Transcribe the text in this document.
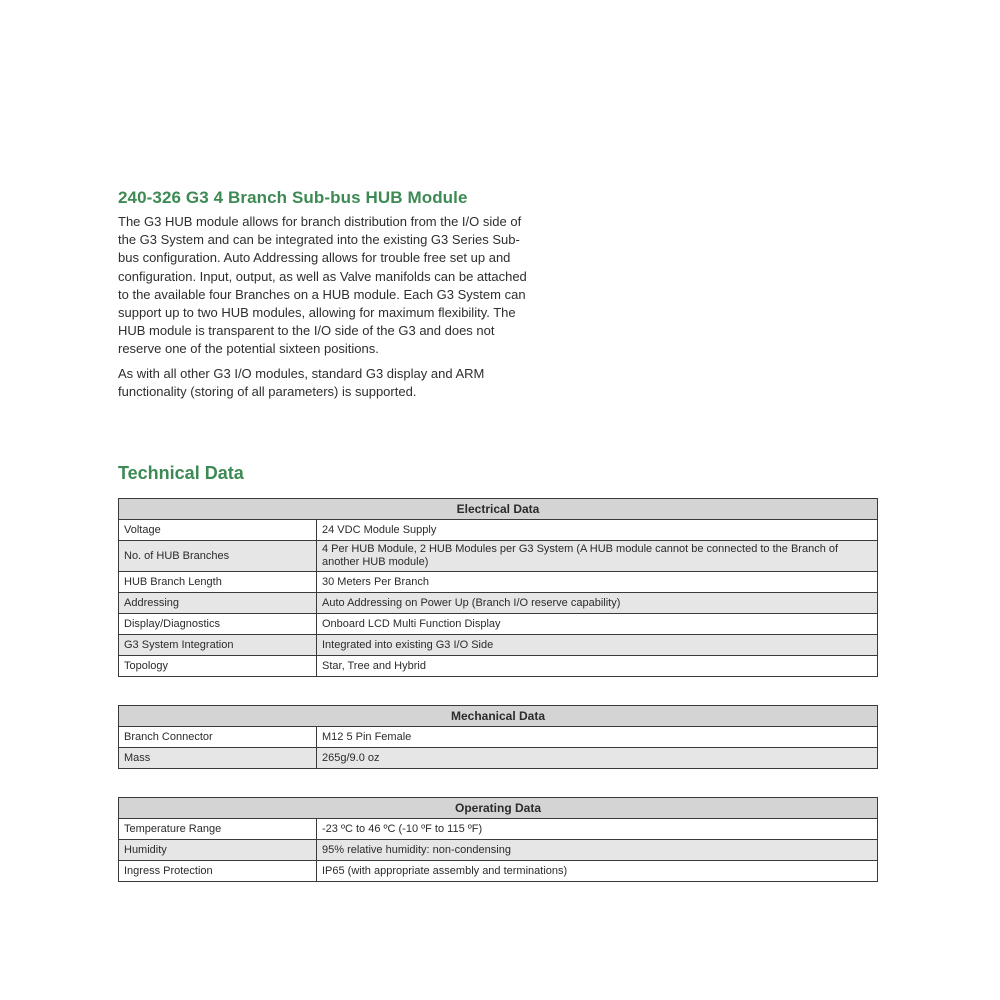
240-326 G3 4 Branch Sub-bus HUB Module

The G3 HUB module allows for branch distribution from the I/O side of the G3 System and can be integrated into the existing G3 Series Sub-bus configuration. Auto Addressing allows for trouble free set up and configuration. Input, output, as well as Valve manifolds can be attached to the available four Branches on a HUB module. Each G3 System can support up to two HUB modules, allowing for maximum flexibility. The HUB module is transparent to the I/O side of the G3 and does not reserve one of the potential sixteen positions.

As with all other G3 I/O modules, standard G3 display and ARM functionality (storing of all parameters) is supported.

Technical Data
Electrical Data	
Voltage	24 VDC Module Supply
No. of HUB Branches	4 Per HUB Module, 2 HUB Modules per G3 System (A HUB module cannot be connected to the Branch of another HUB module)
HUB Branch Length	30 Meters Per Branch
Addressing	Auto Addressing on Power Up (Branch I/O reserve capability)
Display/Diagnostics	Onboard LCD Multi Function Display
G3 System Integration	Integrated into existing G3 I/O Side
Topology	Star, Tree and Hybrid
Mechanical Data	
Branch Connector	M12 5 Pin Female
Mass	265g/9.0 oz
Operating Data	
Temperature Range	-23 ºC to 46 ºC (-10 ºF to 115 ºF)
Humidity	95% relative humidity: non-condensing
Ingress Protection	IP65 (with appropriate assembly and terminations)
